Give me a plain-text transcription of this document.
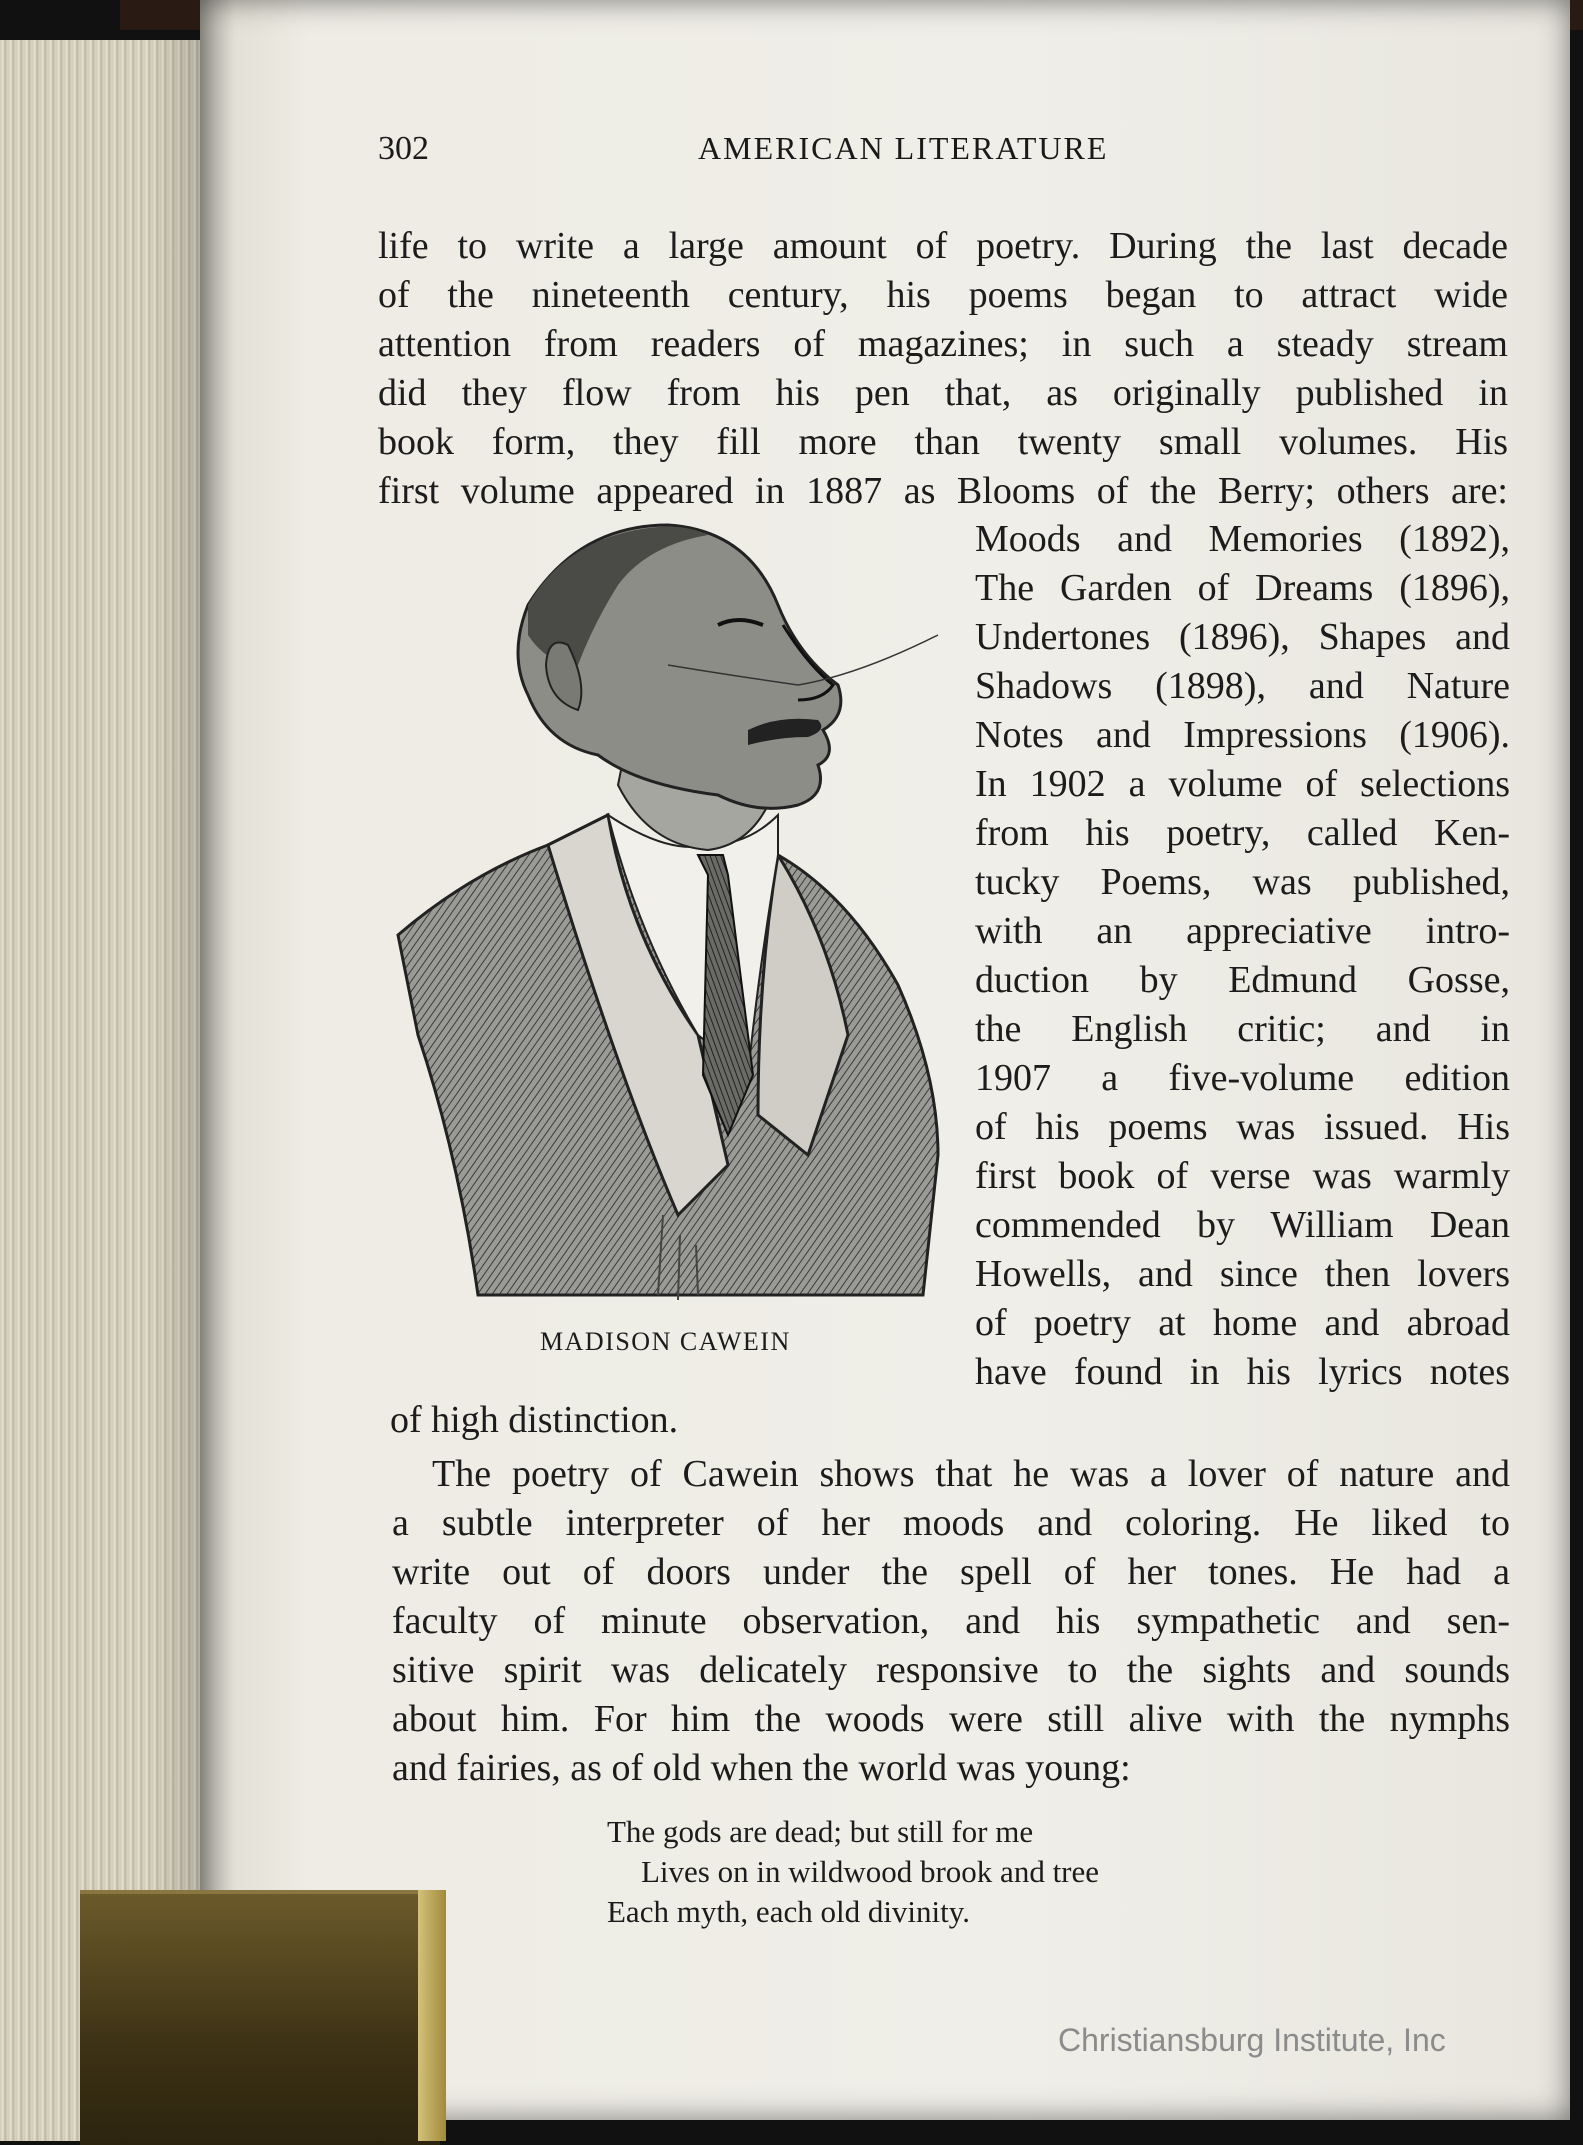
302	AMERICAN LITERATURE

life to write a large amount of poetry. During the last decade

of the nineteenth century, his poems began to attract wide

attention from readers of magazines; in such a steady stream

did they flow from his pen that, as originally published in

book form, they fill more than twenty small volumes. His

first volume appeared in 1887 as Blooms of the Berry; others are:

MADISON CAWEIN

Moods and Memories (1892),

The Garden of Dreams (1896),

Undertones (1896), Shapes and

Shadows (1898), and Nature

Notes and Impressions (1906).

In 1902 a volume of selections

from his poetry, called Ken-

tucky Poems, was published,

with an appreciative intro-

duction by Edmund Gosse,

the English critic; and in

1907 a five-volume edition

of his poems was issued. His

first book of verse was warmly

commended by William Dean

Howells, and since then lovers

of poetry at home and abroad

have found in his lyrics notes

of high distinction.

The poetry of Cawein shows that he was a lover of nature and

a subtle interpreter of her moods and coloring. He liked to

write out of doors under the spell of her tones. He had a

faculty of minute observation, and his sympathetic and sen-

sitive spirit was delicately responsive to the sights and sounds

about him. For him the woods were still alive with the nymphs

and fairies, as of old when the world was young:

The gods are dead; but still for me
Lives on in wildwood brook and tree
Each myth, each old divinity.
Christiansburg Institute, Inc
